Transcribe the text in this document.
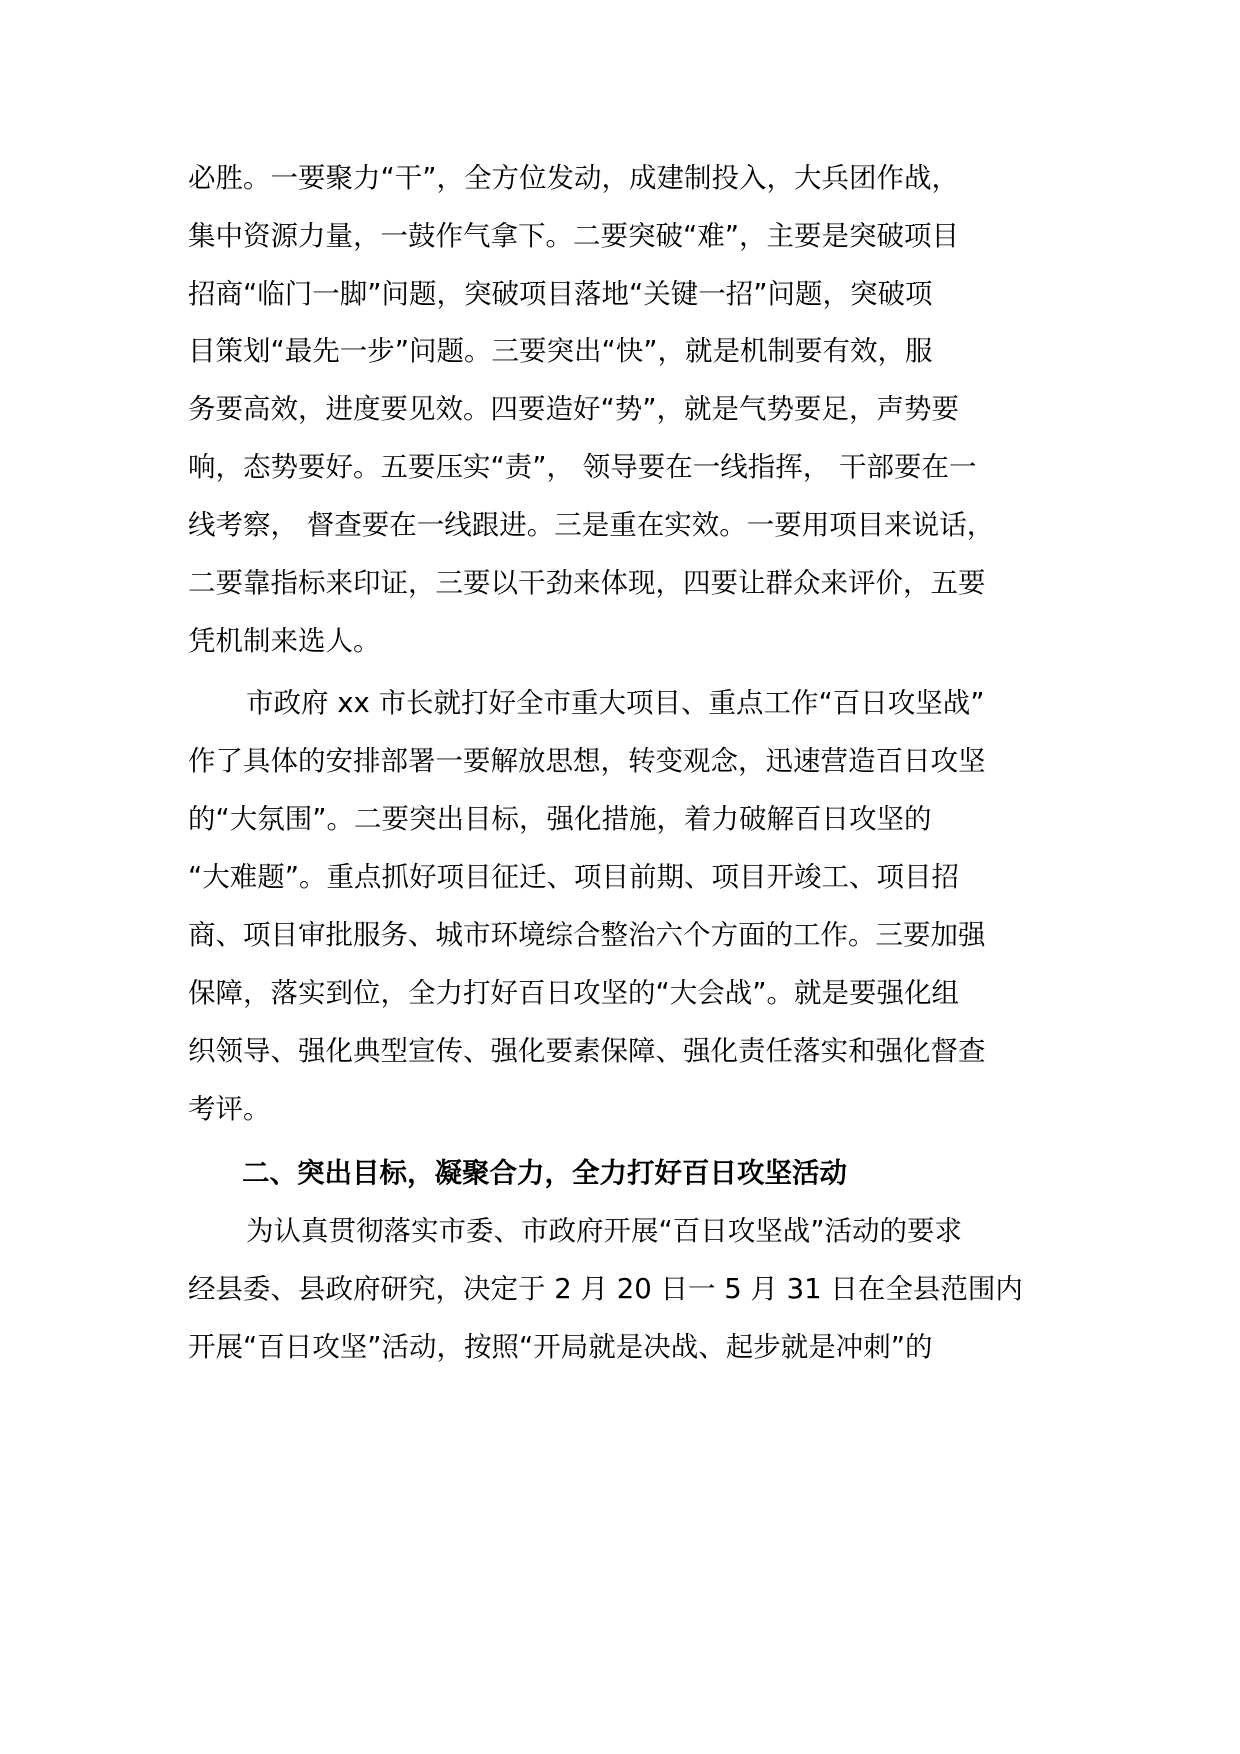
必胜。一要聚力“干”，全方位发动，成建制投入，大兵团作战，
集中资源力量，一鼓作气拿下。二要突破“难”，主要是突破项目
招商“临门一脚”问题，突破项目落地“关键一招”问题，突破项
目策划“最先一步”问题。三要突出“快”，就是机制要有效，服
务要高效，进度要见效。四要造好“势”，就是气势要足，声势要
响，态势要好。五要压实“责”， 领导要在一线指挥， 干部要在一
线考察， 督查要在一线跟进。三是重在实效。一要用项目来说话，
二要靠指标来印证，三要以干劲来体现，四要让群众来评价，五要
凭机制来选人。
市政府 xx 市长就打好全市重大项目、重点工作“百日攻坚战”
作了具体的安排部署一要解放思想，转变观念，迅速营造百日攻坚
的“大氛围”。二要突出目标，强化措施，着力破解百日攻坚的
“大难题”。重点抓好项目征迁、项目前期、项目开竣工、项目招
商、项目审批服务、城市环境综合整治六个方面的工作。三要加强
保障，落实到位，全力打好百日攻坚的“大会战”。就是要强化组
织领导、强化典型宣传、强化要素保障、强化责任落实和强化督查
考评。
二、突出目标，凝聚合力，全力打好百日攻坚活动
为认真贯彻落实市委、市政府开展“百日攻坚战”活动的要求
经县委、县政府研究，决定于 2 月 20 日一 5 月 31 日在全县范围内
开展“百日攻坚”活动，按照“开局就是决战、起步就是冲刺”的
